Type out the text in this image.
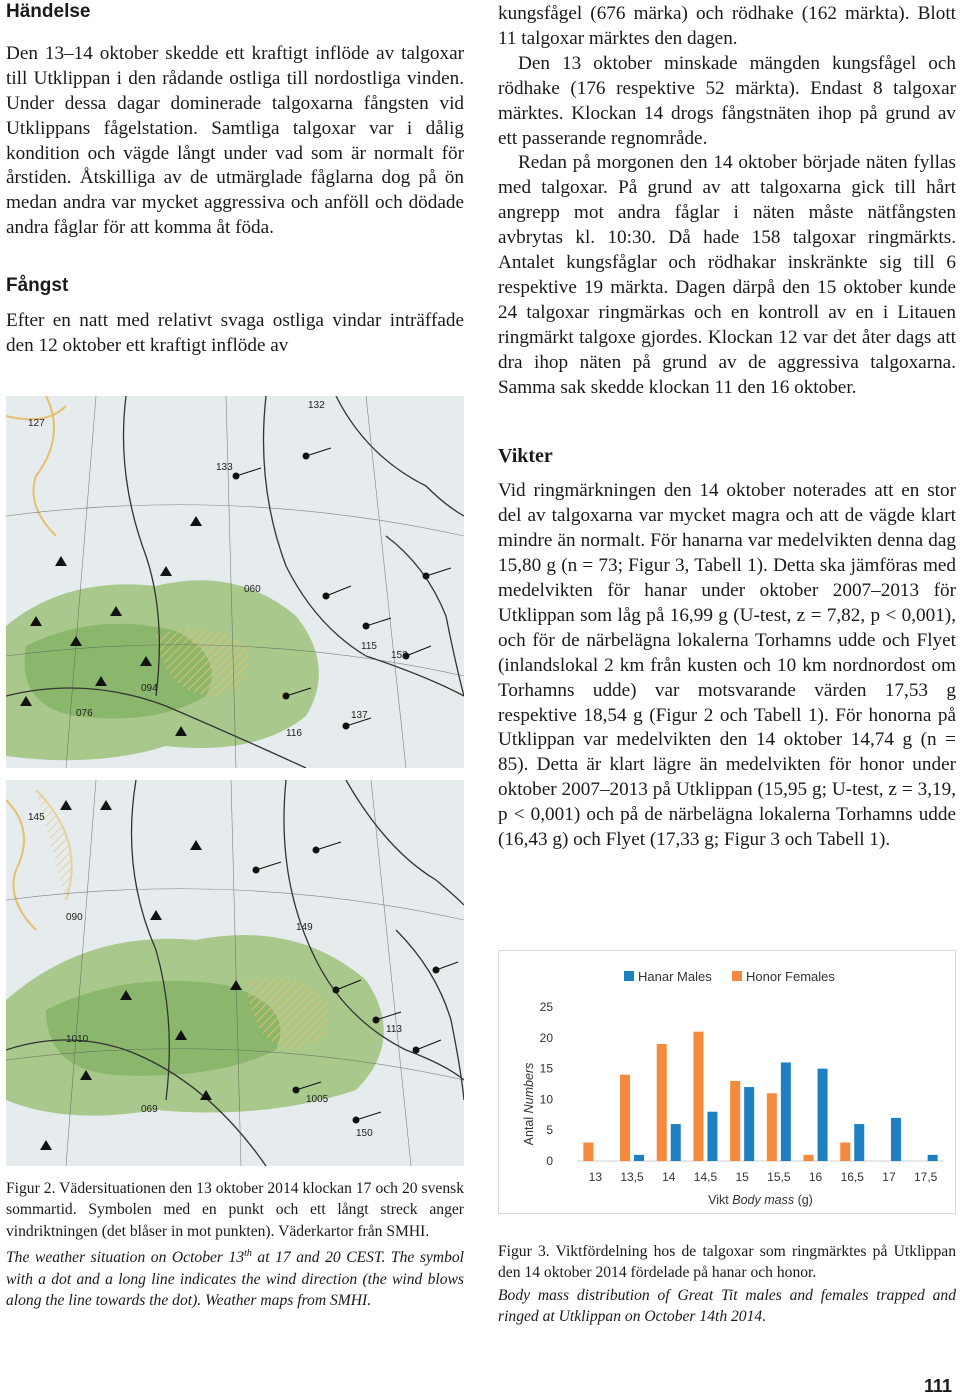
Händelse

Den 13–14 oktober skedde ett kraftigt inflöde av talgoxar till Utklippan i den rådande ostliga till nordostliga vinden. Under dessa dagar dominerade talgoxarna fångsten vid Utklippans fågelstation. Samtliga talgoxar var i dålig kondition och vägde långt under vad som är normalt för årstiden. Åtskilliga av de utmärglade fåglarna dog på ön medan andra var mycket aggressiva och anföll och dödade andra fåglar för att komma åt föda.

Fångst

Efter en natt med relativt svaga ostliga vindar inträffade den 12 oktober ett kraftigt inflöde av

127
133
132
094
076
060
152
115
137
116
145
1010
069
113
149
090
150
1005

Figur 2. Vädersituationen den 13 oktober 2014 klockan 17 och 20 svensk sommartid. Symbolen med en punkt och ett långt streck anger vindriktningen (det blåser in mot punkten). Väderkartor från SMHI.

The weather situation on October 13th at 17 and 20 CEST. The symbol with a dot and a long line indicates the wind direction (the wind blows along the line towards the dot). Weather maps from SMHI.

kungsfågel (676 märka) och rödhake (162 märkta). Blott 11 talgoxar märktes den dagen.

Den 13 oktober minskade mängden kungsfågel och rödhake (176 respektive 52 märkta). Endast 8 talgoxar märktes. Klockan 14 drogs fångstnäten ihop på grund av ett passerande regnområde.

Redan på morgonen den 14 oktober började näten fyllas med talgoxar. På grund av att talgoxarna gick till hårt angrepp mot andra fåglar i näten måste nätfångsten avbrytas kl. 10:30. Då hade 158 talgoxar ringmärkts. Antalet kungsfåglar och rödhakar inskränkte sig till 6 respektive 19 märkta. Dagen därpå den 15 oktober kunde 24 talgoxar ringmärkas och en kontroll av en i Litauen ringmärkt talgoxe gjordes. Klockan 12 var det åter dags att dra ihop näten på grund av de aggressiva talgoxarna. Samma sak skedde klockan 11 den 16 oktober.

Vikter

Vid ringmärkningen den 14 oktober noterades att en stor del av talgoxarna var mycket magra och att de vägde klart mindre än normalt. För hanarna var medelvikten denna dag 15,80 g (n = 73; Figur 3, Tabell 1). Detta ska jämföras med medelvikten för hanar under oktober 2007–2013 för Utklippan som låg på 16,99 g (U-test, z = 7,82, p < 0,001), och för de närbelägna lokalerna Torhamns udde och Flyet (inlandslokal 2 km från kusten och 10 km nordnordost om Torhamns udde) var motsvarande värden 17,53 g respektive 18,54 g (Figur 2 och Tabell 1). För honorna på Utklippan var medelvikten den 14 oktober 14,74 g (n = 85). Detta är klart lägre än medelvikten för honor under oktober 2007–2013 på Utklippan (15,95 g; U-test, z = 3,19, p < 0,001) och på de närbelägna lokalerna Torhamns udde (16,43 g) och Flyet (17,33 g; Figur 3 och Tabell 1).

0
5
10
15
20
25
Antal Numbers
13 13,5 14 14,5 15 15,5 16 16,5 17 17,5
Vikt Body mass (g)
Hanar Males	Honor Females

Figur 3. Viktfördelning hos de talgoxar som ringmärktes på Utklippan den 14 oktober 2014 fördelade på hanar och honor.

Body mass distribution of Great Tit males and females trapped and ringed at Utklippan on October 14th 2014.

111
